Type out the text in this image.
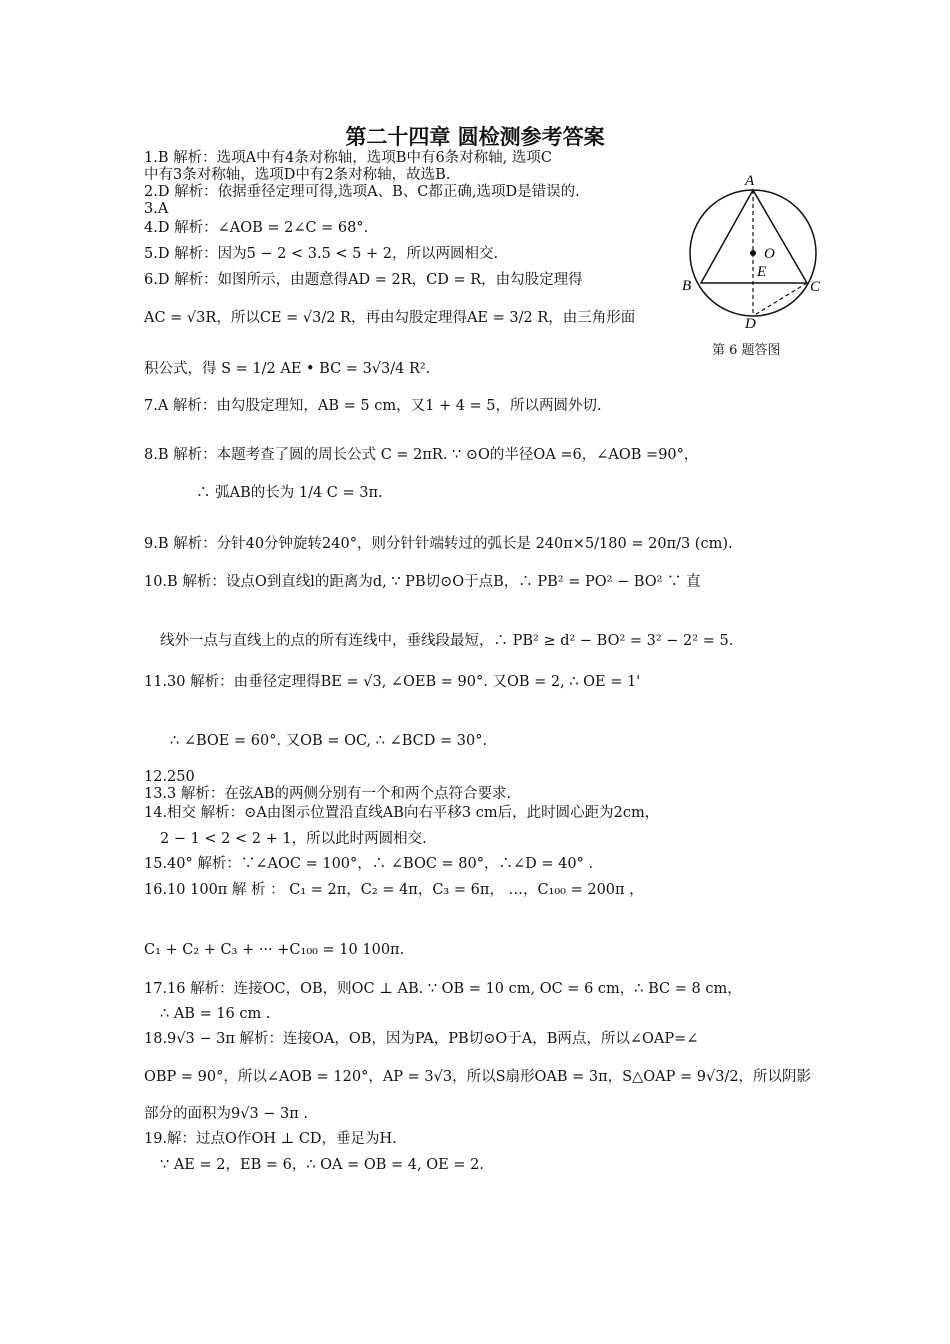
第二十四章 圆检测参考答案
1.B 解析：选项A中有4条对称轴，选项B中有6条对称轴, 选项C
中有3条对称轴，选项D中有2条对称轴，故选B.
2.D 解析：依据垂径定理可得,选项A、B、C都正确,选项D是错误的.
3.A
4.D 解析：∠AOB = 2∠C = 68°.
5.D 解析：因为5 − 2 < 3.5 < 5 + 2，所以两圆相交.
6.D 解析：如图所示，由题意得AD = 2R，CD = R，由勾股定理得
AC = √3R，所以CE = √3/2 R，再由勾股定理得AE = 3/2 R，由三角形面
积公式，得 S = 1/2 AE • BC = 3√3/4 R².
7.A 解析：由勾股定理知，AB = 5 cm，又1 + 4 = 5，所以两圆外切.
8.B 解析：本题考查了圆的周长公式 C = 2πR. ∵ ⊙O的半径OA =6，∠AOB =90°，
∴ 弧AB的长为 1/4 C = 3π.
9.B 解析：分针40分钟旋转240°，则分针针端转过的弧长是 240π×5/180 = 20π/3 (cm).
10.B 解析：设点O到直线l的距离为d, ∵ PB切⊙O于点B，∴ PB² = PO² − BO² ∵ 直
线外一点与直线上的点的所有连线中，垂线段最短，∴ PB² ≥ d² − BO² = 3² − 2² = 5.
11.30 解析：由垂径定理得BE = √3, ∠OEB = 90°. 又OB = 2, ∴ OE = 1'
∴ ∠BOE = 60°. 又OB = OC, ∴ ∠BCD = 30°.
12.250
13.3 解析：在弦AB的两侧分别有一个和两个点符合要求.
14.相交 解析：⊙A由图示位置沿直线AB向右平移3 cm后，此时圆心距为2cm，
2 − 1 < 2 < 2 + 1，所以此时两圆相交.
15.40° 解析：∵∠AOC = 100°，∴ ∠BOC = 80°，∴∠D = 40° .
16.10 100π 解 析 ： C₁ = 2π，C₂ = 4π，C₃ = 6π， …，C₁₀₀ = 200π ，
C₁ + C₂ + C₃ + ··· +C₁₀₀ = 10 100π.
17.16 解析：连接OC，OB，则OC ⊥ AB. ∵ OB = 10 cm, OC = 6 cm，∴ BC = 8 cm，
∴ AB = 16 cm .
18.9√3 − 3π 解析：连接OA，OB，因为PA，PB切⊙O于A，B两点，所以∠OAP=∠
OBP = 90°，所以∠AOB = 120°，AP = 3√3，所以S扇形OAB = 3π，S△OAP = 9√3/2，所以阴影
部分的面积为9√3 − 3π .
19.解：过点O作OH ⊥ CD，垂足为H.
∵ AE = 2，EB = 6，∴ OA = OB = 4, OE = 2.
A
B	C
D
O
E
第 6 题答图
